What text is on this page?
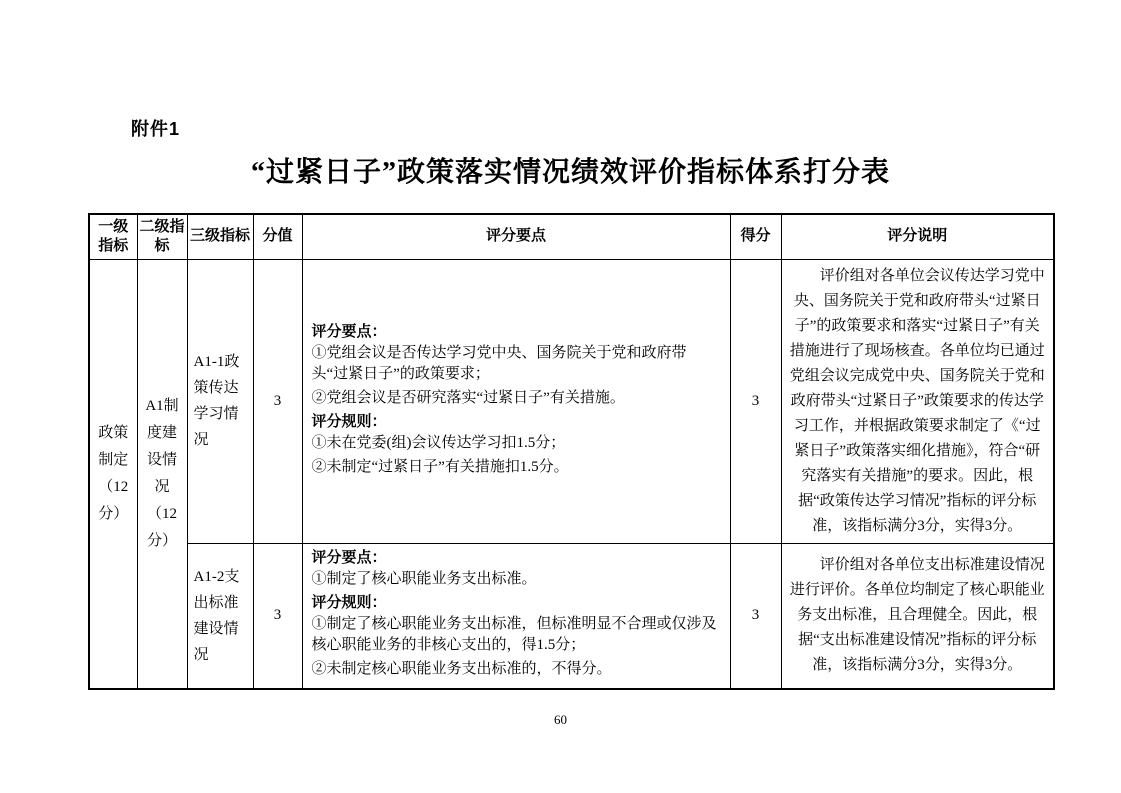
附件1
“过紧日子”政策落实情况绩效评价指标体系打分表
一级指标	二级指标	三级指标	分值	评分要点	得分	评分说明
政策制定（12分）	A1制度建设情况（12分）	A1-1政策传达学习情况	3	
评分要点：
①党组会议是否传达学习党中央、国务院关于党和政府带头“过紧日子”的政策要求；
②党组会议是否研究落实“过紧日子”有关措施。
评分规则：
①未在党委(组)会议传达学习扣1.5分；
②未制定“过紧日子”有关措施扣1.5分。
	3	
评价组对各单位会议传达学习党中央、国务院关于党和政府带头“过紧日子”的政策要求和落实“过紧日子”有关措施进行了现场核查。各单位均已通过党组会议完成党中央、国务院关于党和政府带头“过紧日子”政策要求的传达学习工作，并根据政策要求制定了《“过紧日子”政策落实细化措施》，符合“研究落实有关措施”的要求。因此，根据“政策传达学习情况”指标的评分标准，该指标满分3分，实得3分。

		A1-2支出标准建设情况	3	评分要点：
①制定了核心职能业务支出标准。
评分规则：
①制定了核心职能业务支出标准，但标准明显不合理或仅涉及核心职能业务的非核心支出的，得1.5分；
②未制定核心职能业务支出标准的，不得分。	3	评价组对各单位支出标准建设情况进行评价。各单位均制定了核心职能业务支出标准，且合理健全。因此，根据“支出标准建设情况”指标的评分标准，该指标满分3分，实得3分。
60
